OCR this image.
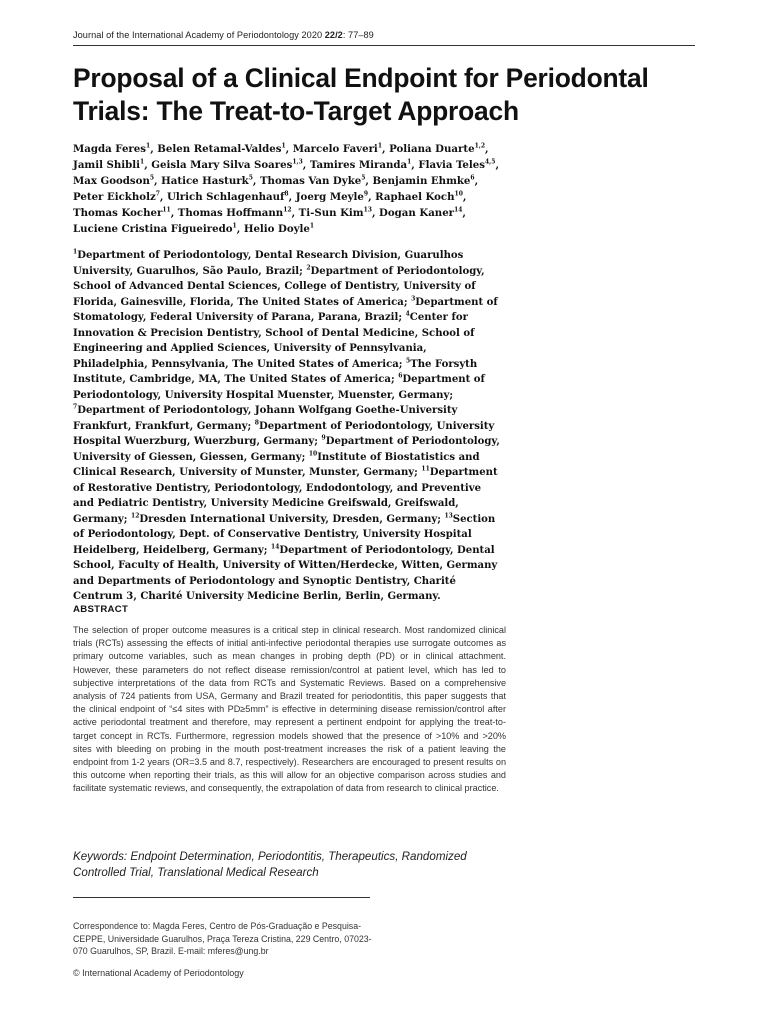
Journal of the International Academy of Periodontology 2020 22/2: 77–89
Proposal of a Clinical Endpoint for Periodontal Trials: The Treat-to-Target Approach
Magda Feres$^1$, Belen Retamal-Valdes$^1$, Marcelo Faveri$^1$, Poliana Duarte$^{1,2}$, Jamil Shibli$^1$, Geisla Mary Silva Soares$^{1,3}$, Tamires Miranda$^1$, Flavia Teles$^{4,5}$, Max Goodson$^5$, Hatice Hasturk$^5$, Thomas Van Dyke$^5$, Benjamin Ehmke$^6$, Peter Eickholz$^7$, Ulrich Schlagenhauf$^8$, Joerg Meyle$^9$, Raphael Koch$^{10}$, Thomas Kocher$^{11}$, Thomas Hoffmann$^{12}$, Ti-Sun Kim$^{13}$, Dogan Kaner$^{14}$, Luciene Cristina Figueiredo$^1$, Helio Doyle$^1$
$^1$Department of Periodontology, Dental Research Division, Guarulhos University, Guarulhos, São Paulo, Brazil; $^2$Department of Periodontology, School of Advanced Dental Sciences, College of Dentistry, University of Florida, Gainesville, Florida, The United States of America; $^3$Department of Stomatology, Federal University of Parana, Parana, Brazil; $^4$Center for Innovation & Precision Dentistry, School of Dental Medicine, School of Engineering and Applied Sciences, University of Pennsylvania, Philadelphia, Pennsylvania, The United States of America; $^5$The Forsyth Institute, Cambridge, MA, The United States of America; $^6$Department of Periodontology, University Hospital Muenster, Muenster, Germany; $^7$Department of Periodontology, Johann Wolfgang Goethe-University Frankfurt, Frankfurt, Germany; $^8$Department of Periodontology, University Hospital Wuerzburg, Wuerzburg, Germany; $^9$Department of Periodontology, University of Giessen, Giessen, Germany; $^{10}$Institute of Biostatistics and Clinical Research, University of Munster, Munster, Germany; $^{11}$Department of Restorative Dentistry, Periodontology, Endodontology, and Preventive and Pediatric Dentistry, University Medicine Greifswald, Greifswald, Germany; $^{12}$Dresden International University, Dresden, Germany; $^{13}$Section of Periodontology, Dept. of Conservative Dentistry, University Hospital Heidelberg, Heidelberg, Germany; $^{14}$Department of Periodontology, Dental School, Faculty of Health, University of Witten/Herdecke, Witten, Germany and Departments of Periodontology and Synoptic Dentistry, Charité Centrum 3, Charité University Medicine Berlin, Berlin, Germany.
ABSTRACT
The selection of proper outcome measures is a critical step in clinical research. Most randomized clinical trials (RCTs) assessing the effects of initial anti-infective periodontal therapies use surrogate outcomes as primary outcome variables, such as mean changes in probing depth (PD) or in clinical attachment. However, these parameters do not reflect disease remission/control at patient level, which has led to subjective interpretations of the data from RCTs and Systematic Reviews. Based on a comprehensive analysis of 724 patients from USA, Germany and Brazil treated for periodontitis, this paper suggests that the clinical endpoint of “≤4 sites with PD≥5mm” is effective in determining disease remission/control after active periodontal treatment and therefore, may represent a pertinent endpoint for applying the treat-to-target concept in RCTs. Furthermore, regression models showed that the presence of >10% and >20% sites with bleeding on probing in the mouth post-treatment increases the risk of a patient leaving the endpoint from 1-2 years (OR=3.5 and 8.7, respectively). Researchers are encouraged to present results on this outcome when reporting their trials, as this will allow for an objective comparison across studies and facilitate systematic reviews, and consequently, the extrapolation of data from research to clinical practice.
Keywords: Endpoint Determination, Periodontitis, Therapeutics, Randomized Controlled Trial, Translational Medical Research
Correspondence to: Magda Feres, Centro de Pós-Graduação e Pesquisa-CEPPE, Universidade Guarulhos, Praça Tereza Cristina, 229 Centro, 07023-070 Guarulhos, SP, Brazil. E-mail: mferes@ung.br
© International Academy of Periodontology
